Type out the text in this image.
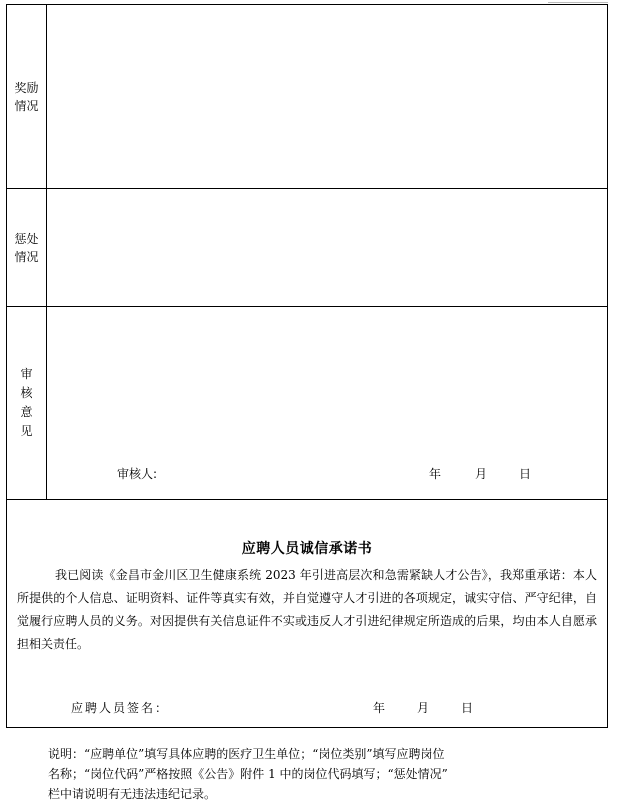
奖励
情况
惩处
情况
审
核
意
见
审核人:	年	月	日
应聘人员诚信承诺书
我已阅读《金昌市金川区卫生健康系统 2023 年引进高层次和急需紧缺人才公告》，我郑重承诺：本人所提供的个人信息、证明资料、证件等真实有效，并自觉遵守人才引进的各项规定，诚实守信、严守纪律，自觉履行应聘人员的义务。对因提供有关信息证件不实或违反人才引进纪律规定所造成的后果，均由本人自愿承担相关责任。
应聘人员签名：	年	月	日
说明：“应聘单位”填写具体应聘的医疗卫生单位；“岗位类别”填写应聘岗位
名称；“岗位代码”严格按照《公告》附件 1 中的岗位代码填写；“惩处情况”
栏中请说明有无违法违纪记录。
